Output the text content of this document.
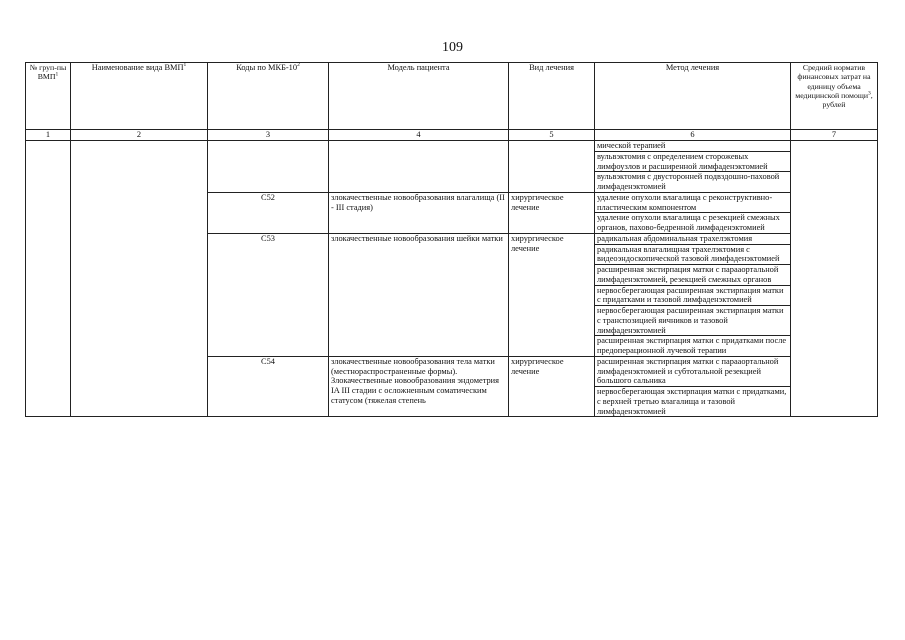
109
№ груп-пы ВМП$^1$	Наименование вида ВМП$^1$	Коды по МКБ-$10^2$	Модель пациента	Вид лечения	Метод лечения	Средний норматив финансовых затрат на единицу объема медицинской помощи$^3$, рублей
1	2	3	4	5	6	7
					мической терапией	
					вульвэктомия с определением сторожевых лимфоузлов и расширенной лимфаденэктомией	
					вульвэктомия с двусторонней подвздошно-паховой лимфаденэктомией	
		C52	злокачественные новообразования влагалища (II - III стадия)	хирургическое лечение	удаление опухоли влагалища с реконструктивно-пластическим компонентом	
					удаление опухоли влагалища с резекцией смежных органов, пахово-бедренной лимфаденэктомией	
		C53	злокачественные новообразования шейки матки	хирургическое лечение	радикальная абдоминальная трахелэктомия	
					радикальная влагалищная трахелэктомия с видеоэндоскопической тазовой лимфаденэктомией	
					расширенная экстирпация матки с парааортальной лимфаденэктомией, резекцией смежных органов	
					нервосберегающая расширенная экстирпация матки с придатками и тазовой лимфаденэктомией	
					нервосберегающая расширенная экстирпация матки с транспозицией яичников и тазовой лимфаденэктомией	
					расширенная экстирпация матки с придатками после предоперационной лучевой терапии	
		C54	злокачественные новообразования тела матки (местнораспространенные формы). Злокачественные новообразования эндометрия IA III стадии с осложненным соматическим статусом (тяжелая степень	хирургическое лечение	расширенная экстирпация матки с парааортальной лимфаденэктомией и субтотальной резекцией большого сальника	
					нервосберегающая экстирпация матки с придатками, с верхней третью влагалища и тазовой лимфаденэктомией	
